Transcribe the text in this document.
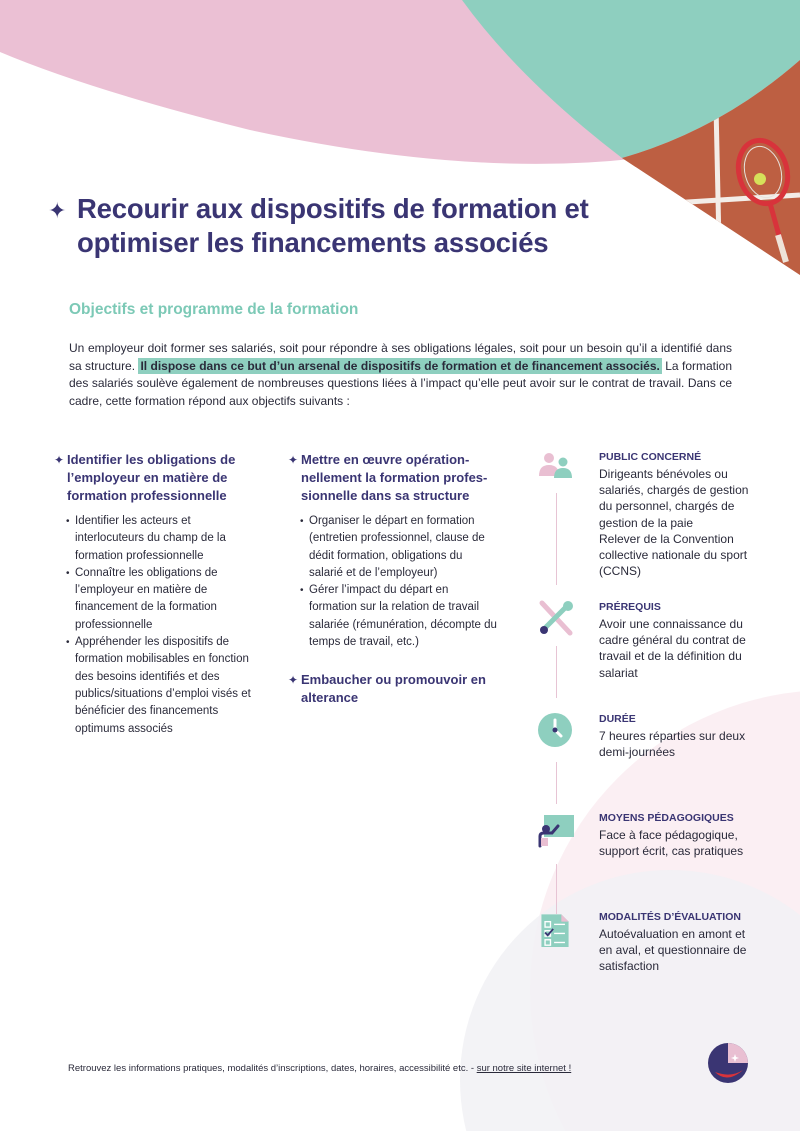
✦ Recourir aux dispositifs de formation et optimiser les financements associés
Objectifs et programme de la formation

Un employeur doit former ses salariés, soit pour répondre à ses obligations légales, soit pour un besoin qu’il a identifié dans sa structure. Il dispose dans ce but d’un arsenal de dispositifs de formation et de financement associés. La formation des salariés soulève également de nombreuses questions liées à l’impact qu’elle peut avoir sur le contrat de travail. Dans ce cadre, cette formation répond aux objectifs suivants :

✦ Identifier les obligations de l’employeur en matière de formation professionnelle

• Identifier les acteurs et interlocuteurs du champ de la formation professionnelle
• Connaître les obligations de l’employeur en matière de financement de la formation professionnelle
• Appréhender les dispositifs de formation mobilisables en fonction des besoins identifiés et des publics/situations d’emploi visés et bénéficier des financements optimums associés

✦ Mettre en œuvre opérationnellement la formation professionnelle dans sa structure

• Organiser le départ en formation (entretien professionnel, clause de dédit formation, obligations du salarié et de l’employeur)
• Gérer l’impact du départ en formation sur la relation de travail salariée (rémunération, décompte du temps de travail, etc.)

✦ Embaucher ou promouvoir en alterance

PUBLIC CONCERNÉ
Dirigeants bénévoles ou salariés, chargés de gestion du personnel, chargés de gestion de la paie
Relever de la Convention collective nationale du sport (CCNS)
PRÉREQUIS
Avoir une connaissance du cadre général du contrat de travail et de la définition du salariat
DURÉE
7 heures réparties sur deux demi-journées
MOYENS PÉDAGOGIQUES
Face à face pédagogique, support écrit, cas pratiques
MODALITÉS D’ÉVALUATION
Autoévaluation en amont et en aval, et questionnaire de satisfaction
Retrouvez les informations pratiques, modalités d’inscriptions, dates, horaires, accessibilité etc. - sur notre site internet !
